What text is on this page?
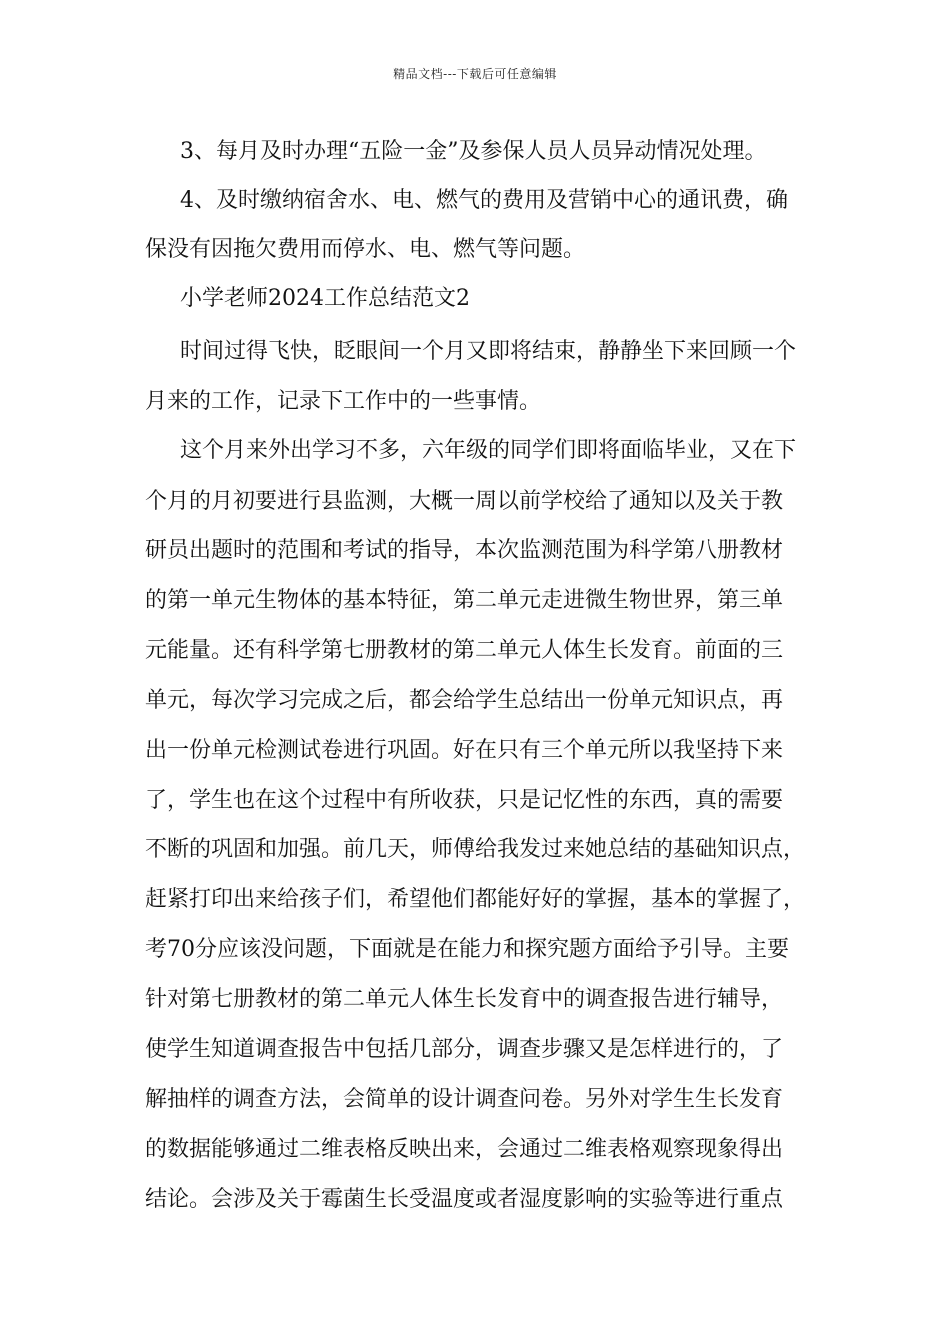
精品文档---下载后可任意编辑
3、每月及时办理“五险一金”及参保人员人员异动情况处理。
4、及时缴纳宿舍水、电、燃气的费用及营销中心的通讯费，确
保没有因拖欠费用而停水、电、燃气等问题。
小学老师2024工作总结范文2
时间过得飞快，眨眼间一个月又即将结束，静静坐下来回顾一个
月来的工作，记录下工作中的一些事情。
这个月来外出学习不多，六年级的同学们即将面临毕业，又在下
个月的月初要进行县监测，大概一周以前学校给了通知以及关于教
研员出题时的范围和考试的指导，本次监测范围为科学第八册教材
的第一单元生物体的基本特征，第二单元走进微生物世界，第三单
元能量。还有科学第七册教材的第二单元人体生长发育。前面的三
单元，每次学习完成之后，都会给学生总结出一份单元知识点，再
出一份单元检测试卷进行巩固。好在只有三个单元所以我坚持下来
了，学生也在这个过程中有所收获，只是记忆性的东西，真的需要
不断的巩固和加强。前几天，师傅给我发过来她总结的基础知识点，
赶紧打印出来给孩子们，希望他们都能好好的掌握，基本的掌握了，
考70分应该没问题，下面就是在能力和探究题方面给予引导。主要
针对第七册教材的第二单元人体生长发育中的调查报告进行辅导，
使学生知道调查报告中包括几部分，调查步骤又是怎样进行的，了
解抽样的调查方法，会简单的设计调查问卷。另外对学生生长发育
的数据能够通过二维表格反映出来，会通过二维表格观察现象得出
结论。会涉及关于霉菌生长受温度或者湿度影响的实验等进行重点
